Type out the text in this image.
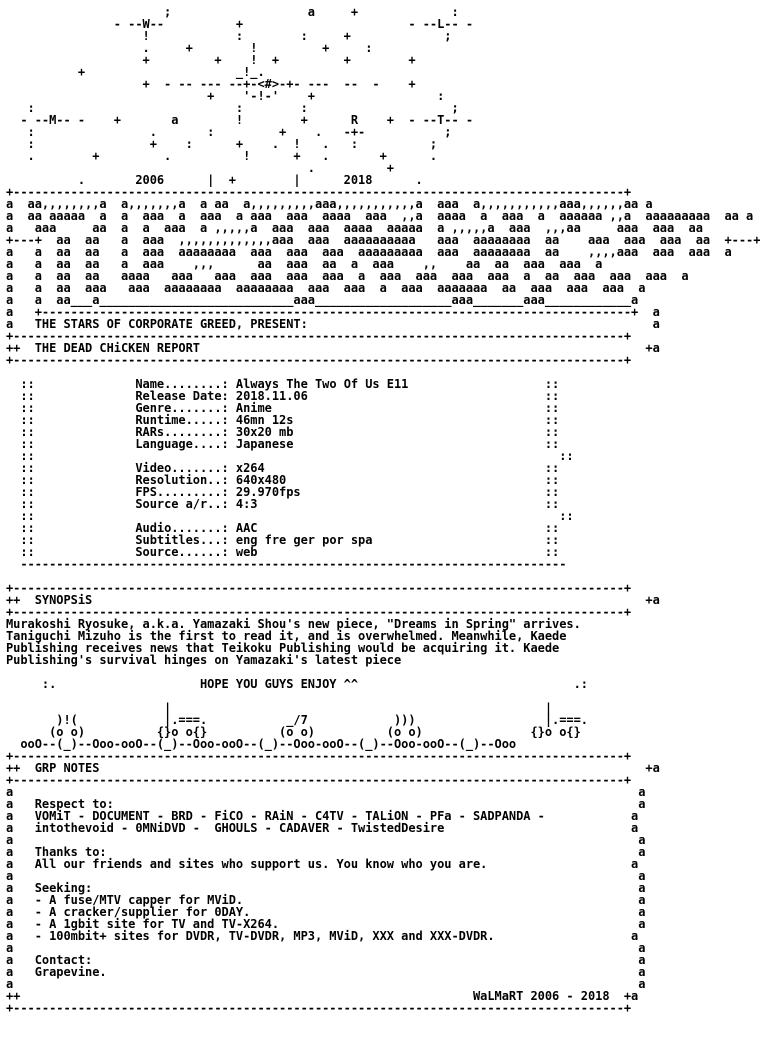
;                   a     +             :
- --W--          +                       - --L-- -
!            :        :     +             ;
.     +        !         +     :
+         +    !  +         +        +
+                     _!_.
+  - -- --- --+-<#>-+- ---  --  -    +
+    '-!-'    +                 :
:                            :        :                    ;
- --M-- -    +       a        !        +      R    +  - --T-- -
:                .       :         +    .   -+-           ;
:                +    :      +    .  !   .   :          ;
.        +         .          !      +   .       +      .
.          +
.       2006      |  +        |      2018      .
+-------------------------------------------------------------------------------------+
a  aa,,,,,,,,a  a,,,,,,,a  a aa  a,,,,,,,,,aaa,,,,,,,,,,,a  aaa  a,,,,,,,,,,,aaa,,,,,,aa a
a  aa aaaaa  a  a  aaa  a  aaa  a aaa  aaa  aaaa  aaa  ,,a  aaaa  a  aaa  a  aaaaaa ,,a  aaaaaaaaa  aa a
a   aaa     aa  a  a  aaa  a ,,,,,a  aaa  aaa  aaaa  aaaaa  a ,,,,,a  aaa  ,,,aa     aaa  aaa  aa
+---+  aa  aa   a  aaa  ,,,,,,,,,,,,,aaa  aaa  aaaaaaaaaa   aaa  aaaaaaaa  aa    aaa  aaa  aaa  aa  +---+
a   a  aa  aa   a  aaa  aaaaaaaa  aaa  aaa  aaa  aaaaaaaaa  aaa  aaaaaaaa  aa    ,,,,aaa  aaa  aaa  a
a   a  aa  aa   a  aaa    ,,,      aa  aaa  aa  a  aaa    ,,    aa  aa  aaa  aaa  a
a   a  aa  aa   aaaa   aaa   aaa  aaa  aaa  aaa  a  aaa  aaa  aaa  aaa  a  aa  aaa  aaa  aaa  a
a   a  aa  aaa   aaa  aaaaaaaa  aaaaaaaa  aaa  aaa  a  aaa  aaaaaaa  aa  aaa  aaa  aaa  a
a   a  aa___a___________________________aaa___________________aaa_______aaa____________a
a   +----------------------------------------------------------------------------------+  a
a   THE STARS OF CORPORATE GREED, PRESENT:                                                a
+-------------------------------------------------------------------------------------+
++  THE DEAD CHiCKEN REPORT                                                              +a
+-------------------------------------------------------------------------------------+

::              Name........: Always The Two Of Us E11                   ::
::              Release Date: 2018.11.06                                 ::
::              Genre.......: Anime                                      ::
::              Runtime.....: 46mn 12s                                   ::
::              RARs........: 30x20 mb                                   ::
::              Language....: Japanese                                   ::
::                                                                         ::
::              Video.......: x264                                       ::
::              Resolution..: 640x480                                    ::
::              FPS.........: 29.970fps                                  ::
::              Source a/r..: 4:3                                        ::
::                                                                         ::
::              Audio.......: AAC                                        ::
::              Subtitles...: eng fre ger por spa                        ::
::              Source......: web                                        ::
----------------------------------------------------------------------------

+-------------------------------------------------------------------------------------+
++  SYNOPSiS                                                                             +a
+-------------------------------------------------------------------------------------+
Murakoshi Ryosuke, a.k.a. Yamazaki Shou's new piece, "Dreams in Spring" arrives.
Taniguchi Mizuho is the first to read it, and is overwhelmed. Meanwhile, Kaede
Publishing receives news that Teikoku Publishing would be acquiring it. Kaede
Publishing's survival hinges on Yamazaki's latest piece

:.                    HOPE YOU GUYS ENJOY ^^                              .:

|                                                    |
)!(            |.===.           _/7            )))                  |.===.
(o o)          {}o o{}          (o o)          (o o)               {}o o{}
ooO--(_)--Ooo-ooO--(_)--Ooo-ooO--(_)--Ooo-ooO--(_)--Ooo-ooO--(_)--Ooo
+-------------------------------------------------------------------------------------+
++  GRP NOTES                                                                            +a
+-------------------------------------------------------------------------------------+
a                                                                                       a
a   Respect to:                                                                         a
a   VOMiT - DOCUMENT - BRD - FiCO - RAiN - C4TV - TALiON - PFa - SADPANDA -            a
a   intothevoid - 0MNiDVD -  GHOULS - CADAVER - TwistedDesire                          a
a                                                                                       a
a   Thanks to:                                                                          a
a   All our friends and sites who support us. You know who you are.                    a
a                                                                                       a
a   Seeking:                                                                            a
a   - A fuse/MTV capper for MViD.                                                       a
a   - A cracker/supplier for 0DAY.                                                      a
a   - A 1gbit site for TV and TV-X264.                                                  a
a   - 100mbit+ sites for DVDR, TV-DVDR, MP3, MViD, XXX and XXX-DVDR.                   a
a                                                                                       a
a   Contact:                                                                            a
a   Grapevine.                                                                          a
a                                                                                       a
++                                                               WaLMaRT 2006 - 2018  +a
+-------------------------------------------------------------------------------------+
